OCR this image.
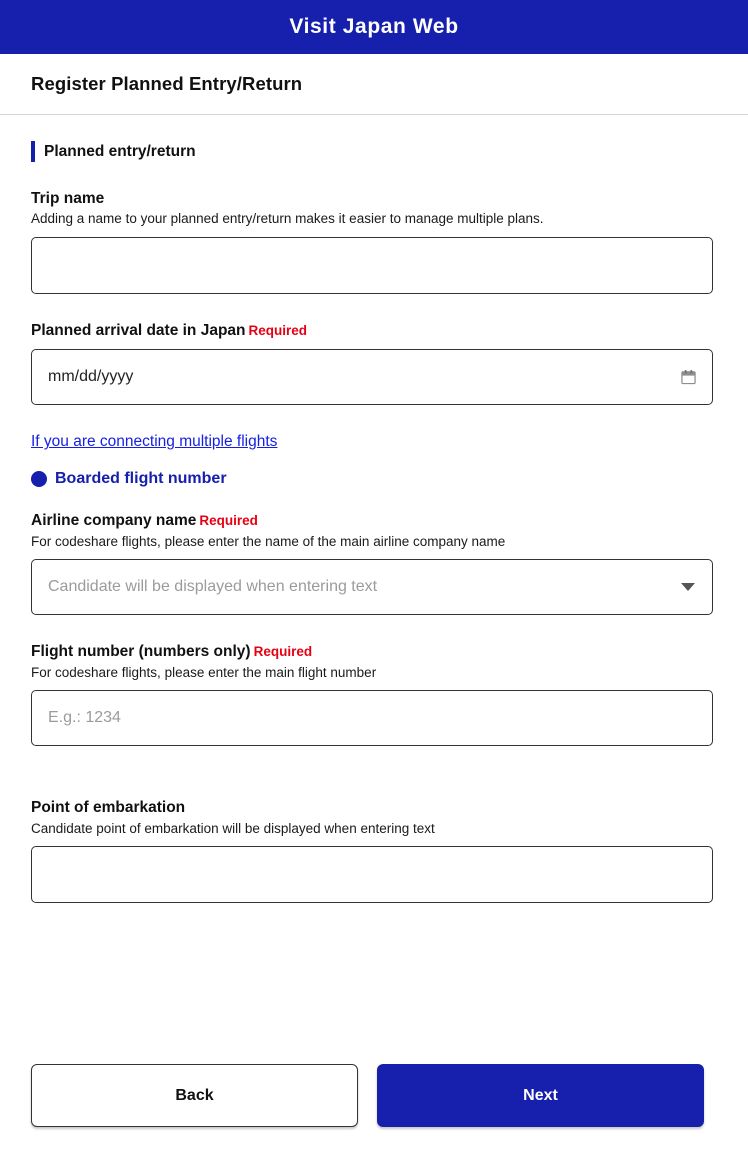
Visit Japan Web
Register Planned Entry/Return
Planned entry/return
Trip name
Adding a name to your planned entry/return makes it easier to manage multiple plans.
Planned arrival date in Japan Required
mm/dd/yyyy
If you are connecting multiple flights
Boarded flight number
Airline company name Required
For codeshare flights, please enter the name of the main airline company name
Candidate will be displayed when entering text
Flight number (numbers only) Required
For codeshare flights, please enter the main flight number
E.g.: 1234
Point of embarkation
Candidate point of embarkation will be displayed when entering text
Back	Next
